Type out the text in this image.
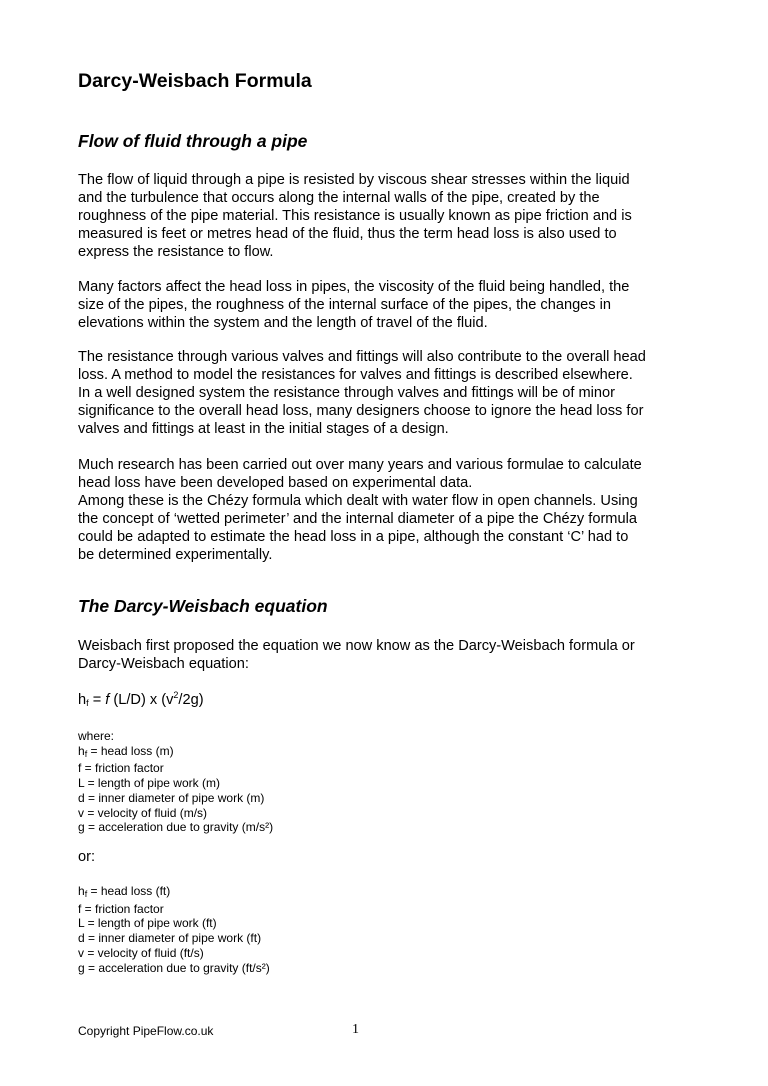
Darcy-Weisbach Formula
Flow of fluid through a pipe

The flow of liquid through a pipe is resisted by viscous shear stresses within the liquid
and the turbulence that occurs along the internal walls of the pipe, created by the
roughness of the pipe material. This resistance is usually known as pipe friction and is
measured is feet or metres head of the fluid, thus the term head loss is also used to
express the resistance to flow.

Many factors affect the head loss in pipes, the viscosity of the fluid being handled, the
size of the pipes, the roughness of the internal surface of the pipes, the changes in
elevations within the system and the length of travel of the fluid.

The resistance through various valves and fittings will also contribute to the overall head
loss. A method to model the resistances for valves and fittings is described elsewhere.
In a well designed system the resistance through valves and fittings will be of minor
significance to the overall head loss, many designers choose to ignore the head loss for
valves and fittings at least in the initial stages of a design.

Much research has been carried out over many years and various formulae to calculate
head loss have been developed based on experimental data.
Among these is the Chézy formula which dealt with water flow in open channels. Using
the concept of ‘wetted perimeter’ and the internal diameter of a pipe the Chézy formula
could be adapted to estimate the head loss in a pipe, although the constant ‘C’ had to
be determined experimentally.

The Darcy-Weisbach equation

Weisbach first proposed the equation we now know as the Darcy-Weisbach formula or
Darcy-Weisbach equation:

$h_f = f$ (L/D) x $(v^2/2g)$

where:
$h_f$ = head loss (m)
f = friction factor
L = length of pipe work (m)
d = inner diameter of pipe work (m)
v = velocity of fluid (m/s)
g = acceleration due to gravity (m/s²)

or:

$h_f$ = head loss (ft)
f = friction factor
L = length of pipe work (ft)
d = inner diameter of pipe work (ft)
v = velocity of fluid (ft/s)
g = acceleration due to gravity (ft/s²)

Copyright PipeFlow.co.uk	1
